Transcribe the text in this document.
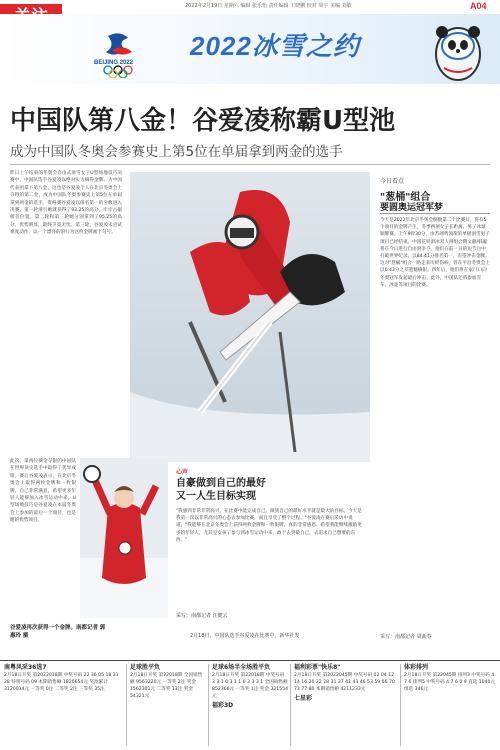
2022年2月19日 星期六 编辑 张乐怡 责任编辑 王晓鹏 校对 周宇 美编 刘敏	A04
BEIJING 2022
2022冰雪之约
中国队第八金！谷爱凌称霸U型池
成为中国队冬奥会参赛史上第5位在单届拿到两金的选手
昨日上午结束的冬奥会自由式滑雪女子U型场地技巧决赛中，中国队选手谷爱凌以绝对实力摘得金牌。为中国代表团拿下第八金，这也是谷爱凌个人在北京冬奥会上夺得的第二金，成为中国队冬奥参赛史上第5位在单届拿到两金的选手。资格赛谷爱凌以排名第一的分数进入决赛，第一轮滑行她就获得了93.25的高分，牢牢占据榜首位置。第二轮和第三轮她分别拿到了95.25的高分，优势明显，最终卫冕无忧。第三轮，谷爱凌未尝试难度动作，以一个漂亮的滑行为这枚金牌画上句号。
此次，第两位摘金夺银的中国队在世界顶尖选手中取得了优异成绩。赛后谷爱凌表示，在北京冬奥会上取得两枚金牌和一枚银牌，自己非常满意，希望更多年轻人能够加入冰雪运动中来。U型场地技巧是谷爱凌在本届冬奥会上参加的最后一个项目，也是她的优势项目。
谷爱凌再次获得一个金牌。南都记者 郭惠玲 摄
心声
自豪做到自己的最好
又一人生目标实现
"我感到非常非常高兴，在比赛中能完成自己，做到自己的最好水平就是最大的目标。今天是我第一次以非常高兴的心态去参加比赛，而且享受了整个过程。"谷爱凌在赛后采访中说道，"我能够在北京冬奥会上获得两枚金牌和一枚银牌，真的非常感恩。希望我能继续激励更多的年轻人，尤其是女孩子参与到冰雪运动中来，敢于去突破自己，去追求自己想要的东西。"
采写：南都记者 汪健云
2月18日，中国队选手谷爱凌在比赛中。新华社发
今日看点
"葱桶"组合
要圆奥运冠军梦
今天是2022年北京冬奥会倒数第二个比赛日，将有5个项目的金牌产生，冬季两项女子长距离、男子冰球铜牌赛。上午9时30分，由苏翊鸣领衔的单板滑雪男子项目已经结束。中国花样滑冰双人滑组合隋文静/韩聪将在今日进行自由滑争夺，他们在前一日的短节目中打破世界纪录，以84.41分排名第一，有望冲击金牌。这对"葱桶"组合一路走来历经伤病，曾在平昌冬奥会上以0.43分之差遗憾摘银。四年后，他们将在家门口向冬奥冠军发起最后冲击。此外，中国队还将参加雪车、冰壶等项目的比赛。
采写：南都记者 周新春
南粤风采36选7
2月18日开奖 第2022018期 中奖号码 22 36 05 18 31 28 特别号码 09 本期销售额 1820654元 奖池累计 3120034元 一等奖 0注 二等奖 2注 三等奖 35注
足球胜平负
2月18日开奖 第22018期 全国销售额 9563220元 一等奖 2注 奖金 1562301元 二等奖 13注 奖金 54321元
足球6场半全场胜平负
2月18日开奖 第22018期 中奖号码 3 3 1 0 3 1 1 0 3 3 3 1 全国销售额 852366元 一等奖 1注 奖金 321554元
福彩3D
福利彩票"快乐8"
2月18日开奖 第2022045期 中奖号码 02 04 12 14 16 20 22 28 31 37 41 43 46 53 59 66 70 73 77 80 本期销售额 4211233元
七星彩
体彩排列
2月18日开奖 第22045期 排列3 中奖号码 4 7 6 排列5 中奖号码 4 7 6 0 9 直选 1040元 组选 346元
